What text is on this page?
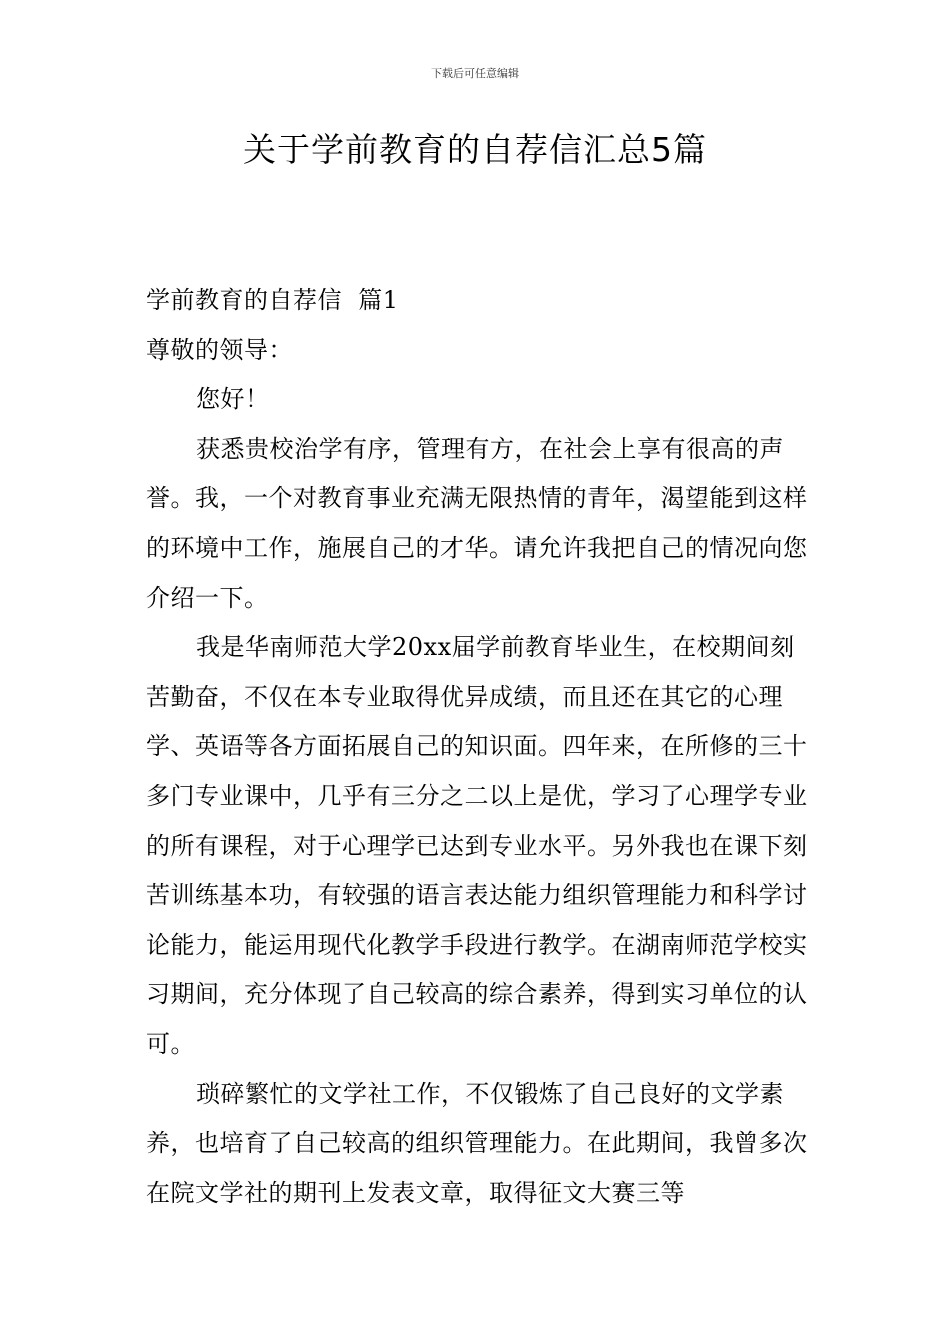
下载后可任意编辑
关于学前教育的自荐信汇总5篇

学前教育的自荐信  篇1

尊敬的领导：

您好！

获悉贵校治学有序，管理有方，在社会上享有很高的声誉。我，一个对教育事业充满无限热情的青年，渴望能到这样的环境中工作，施展自己的才华。请允许我把自己的情况向您介绍一下。

我是华南师范大学20xx届学前教育毕业生，在校期间刻苦勤奋，不仅在本专业取得优异成绩，而且还在其它的心理学、英语等各方面拓展自己的知识面。四年来，在所修的三十多门专业课中，几乎有三分之二以上是优，学习了心理学专业的所有课程，对于心理学已达到专业水平。另外我也在课下刻苦训练基本功，有较强的语言表达能力组织管理能力和科学讨论能力，能运用现代化教学手段进行教学。在湖南师范学校实习期间，充分体现了自己较高的综合素养，得到实习单位的认可。

琐碎繁忙的文学社工作，不仅锻炼了自己良好的文学素养，也培育了自己较高的组织管理能力。在此期间，我曾多次在院文学社的期刊上发表文章，取得征文大赛三等
